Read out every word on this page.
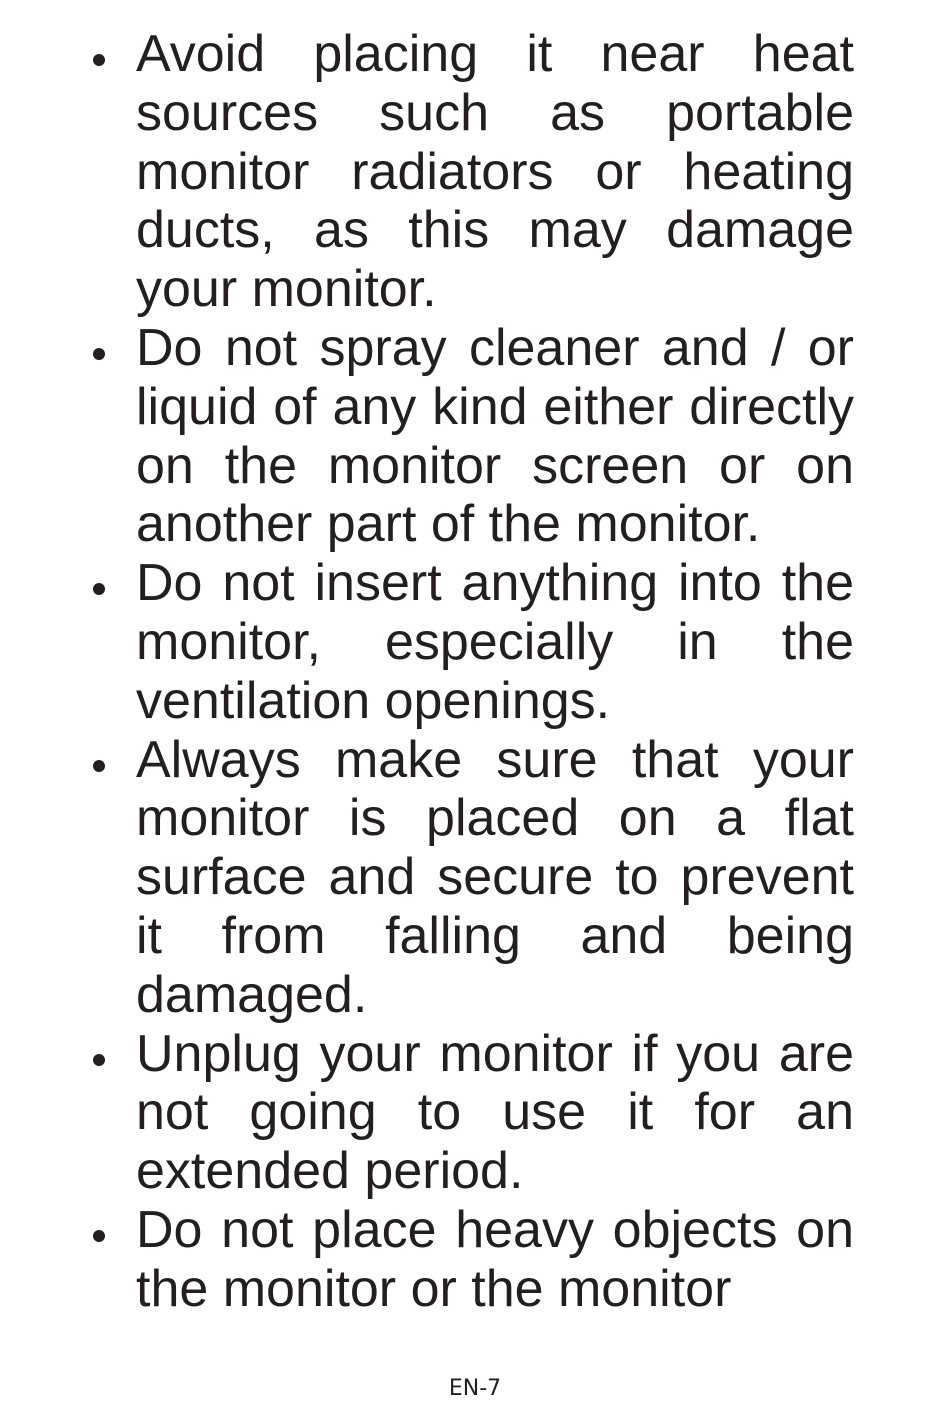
Avoid placing it near heat sources such as portable monitor radiators or heating ducts, as this may damage your monitor.
Do not spray cleaner and / or liquid of any kind either directly on the monitor screen or on another part of the monitor.
Do not insert anything into the monitor, especially in the ventilation openings.
Always make sure that your monitor is placed on a flat surface and secure to prevent it from falling and being damaged.
Unplug your monitor if you are not going to use it for an extended period.
Do not place heavy objects on the monitor or the monitor
EN-7
